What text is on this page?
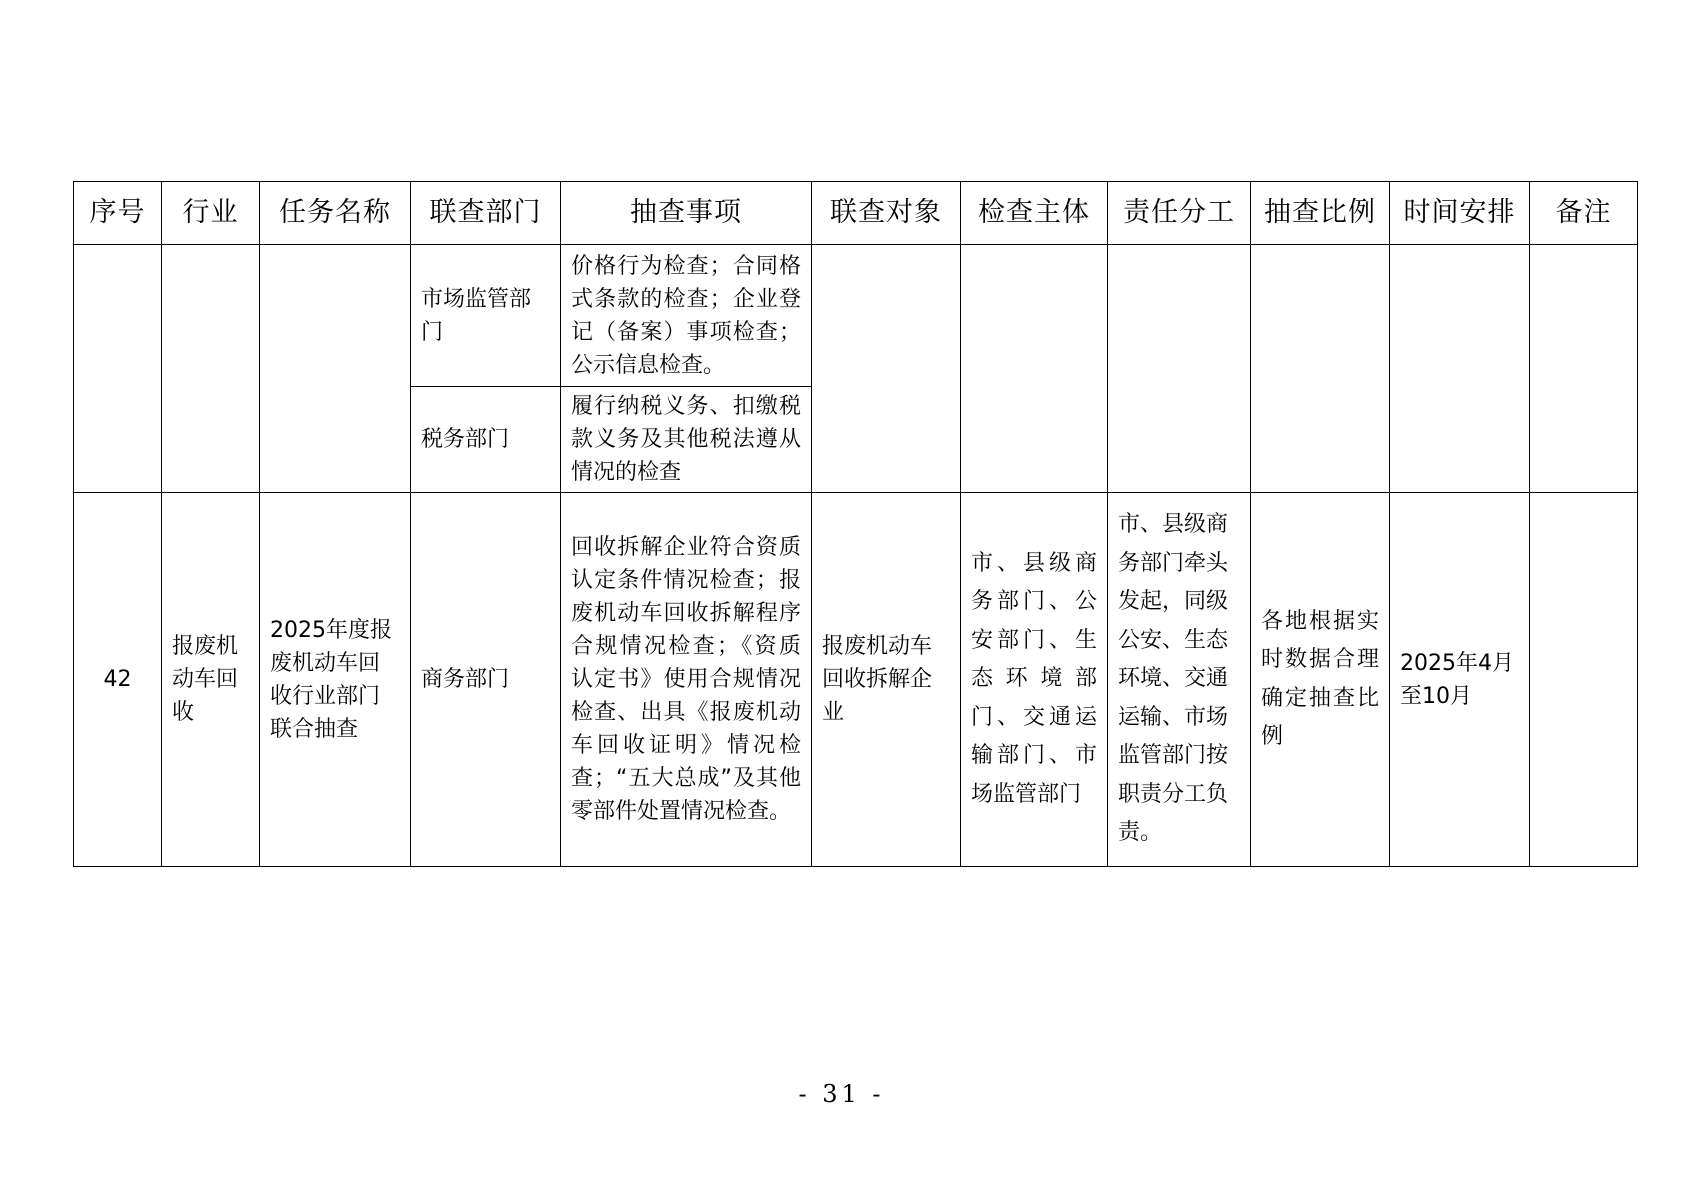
序号	行业	任务名称	联查部门	抽查事项	联查对象	检查主体	责任分工	抽查比例	时间安排	备注
			市场监管部门	价格行为检查；合同格式条款的检查；企业登记（备案）事项检查；公示信息检查。						
			税务部门	履行纳税义务、扣缴税款义务及其他税法遵从情况的检查						
42	报废机动车回收	2025年度报废机动车回收行业部门联合抽查	商务部门	回收拆解企业符合资质认定条件情况检查；报废机动车回收拆解程序合规情况检查；《资质认定书》使用合规情况检查、出具《报废机动车回收证明》情况检查；“五大总成”及其他零部件处置情况检查。	报废机动车回收拆解企业	市、县级商务部门、公安部门、生态环境部门、交通运输部门、市场监管部门	市、县级商务部门牵头发起，同级公安、生态环境、交通运输、市场监管部门按职责分工负责。	各地根据实时数据合理确定抽查比例	2025年4月至10月	
- 31 -
